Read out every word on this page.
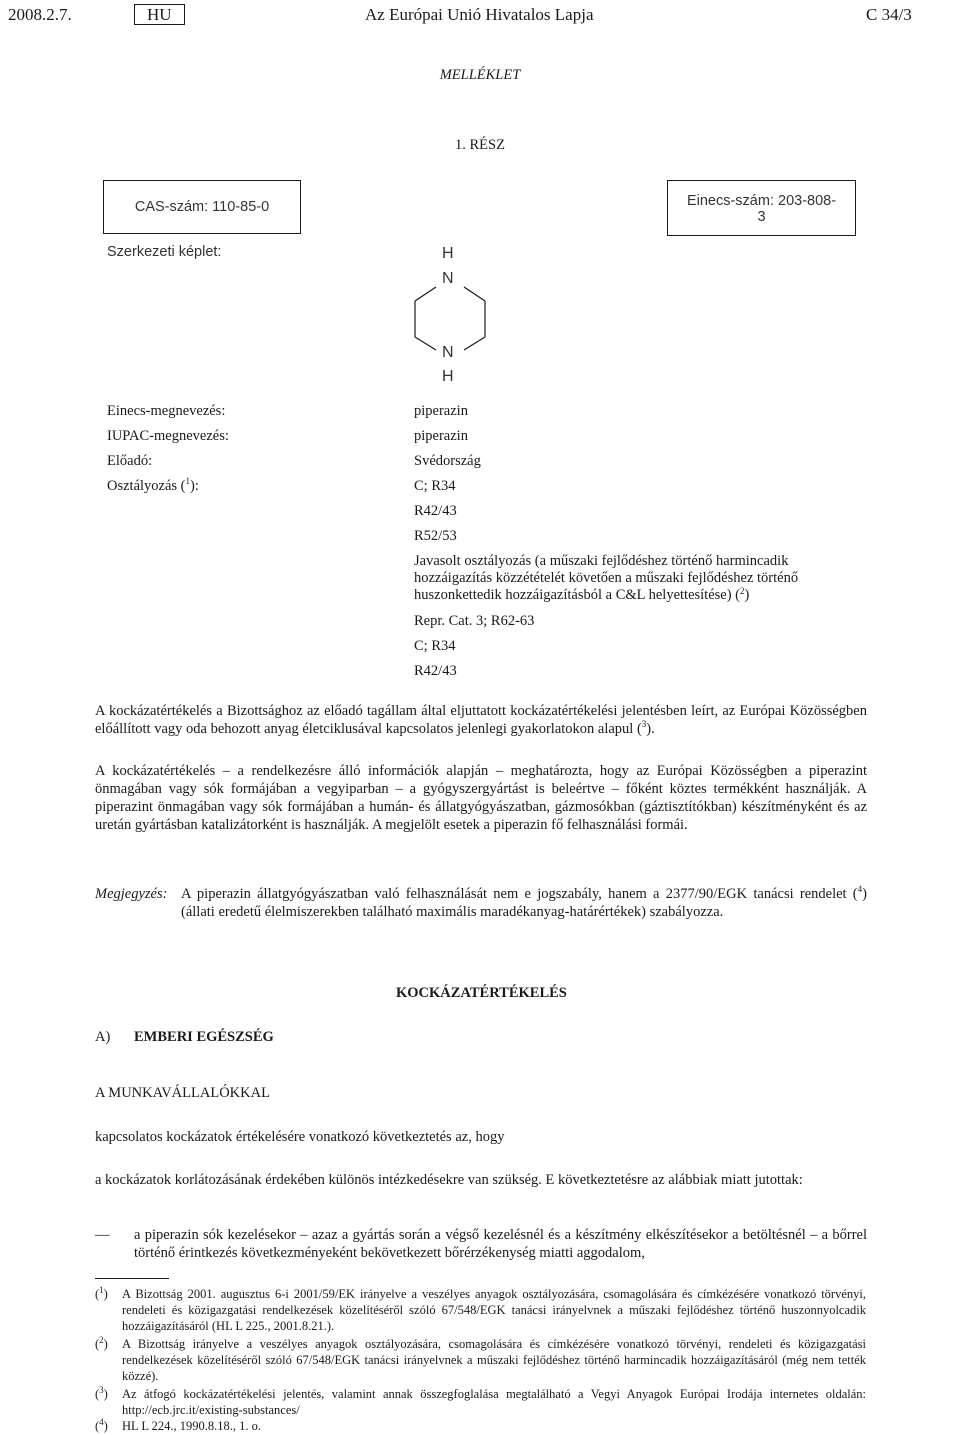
2008.2.7.	HU	Az Európai Unió Hivatalos Lapja	C 34/3
MELLÉKLET
1. RÉSZ
CAS-szám: 110-85-0	Einecs-szám: 203-808-
3
Szerkezeti képlet:	H
N
N
H
Einecs-megnevezés:	piperazin
IUPAC-megnevezés:	piperazin
Előadó:	Svédország
Osztályozás ($^1$):	C; R34
R42/43
R52/53
Javasolt osztályozás (a műszaki fejlődéshez történő harmincadik hozzáigazítás közzétételét követően a műszaki fejlődéshez történő huszonkettedik hozzáigazításból a C&L helyettesítése) ($^2$)
Repr. Cat. 3; R62-63
C; R34
R42/43
A kockázatértékelés a Bizottsághoz az előadó tagállam által eljuttatott kockázatértékelési jelentésben leírt, az Európai Közösségben előállított vagy oda behozott anyag életciklusával kapcsolatos jelenlegi gyakorlatokon alapul ($^3$).
A kockázatértékelés – a rendelkezésre álló információk alapján – meghatározta, hogy az Európai Közösségben a piperazint önmagában vagy sók formájában a vegyiparban – a gyógyszergyártást is beleértve – főként köztes termékként használják. A piperazint önmagában vagy sók formájában a humán- és állatgyógyászatban, gázmosókban (gáztisztítókban) készítményként és az uretán gyártásban katalizátorként is használják. A megjelölt esetek a piperazin fő felhasználási formái.
Megjegyzés: A piperazin állatgyógyászatban való felhasználását nem e jogszabály, hanem a 2377/90/EGK tanácsi rendelet ($^4$) (állati eredetű élelmiszerekben található maximális maradékanyag-határértékek) szabályozza.
KOCKÁZATÉRTÉKELÉS
A) EMBERI EGÉSZSÉG
A MUNKAVÁLLALÓKKAL
kapcsolatos kockázatok értékelésére vonatkozó következtetés az, hogy
a kockázatok korlátozásának érdekében különös intézkedésekre van szükség. E következtetésre az alábbiak miatt jutottak:
— a piperazin sók kezelésekor – azaz a gyártás során a végső kezelésnél és a készítmény elkészítésekor a betöltésnél – a bőrrel történő érintkezés következményeként bekövetkezett bőrérzékenység miatti aggodalom,
($^1$) A Bizottság 2001. augusztus 6-i 2001/59/EK irányelve a veszélyes anyagok osztályozására, csomagolására és címkézésére vonatkozó törvényi, rendeleti és közigazgatási rendelkezések közelítéséről szóló 67/548/EGK tanácsi irányelvnek a műszaki fejlődéshez történő huszonnyolcadik hozzáigazításáról (HL L 225., 2001.8.21.).
($^2$) A Bizottság irányelve a veszélyes anyagok osztályozására, csomagolására és címkézésére vonatkozó törvényi, rendeleti és közigazgatási rendelkezések közelítéséről szóló 67/548/EGK tanácsi irányelvnek a műszaki fejlődéshez történő harmincadik hozzáigazításáról (még nem tették közzé).
($^3$) Az átfogó kockázatértékelési jelentés, valamint annak összegfoglalása megtalálható a Vegyi Anyagok Európai Irodája internetes oldalán: http://ecb.jrc.it/existing-substances/
($^4$) HL L 224., 1990.8.18., 1. o.
